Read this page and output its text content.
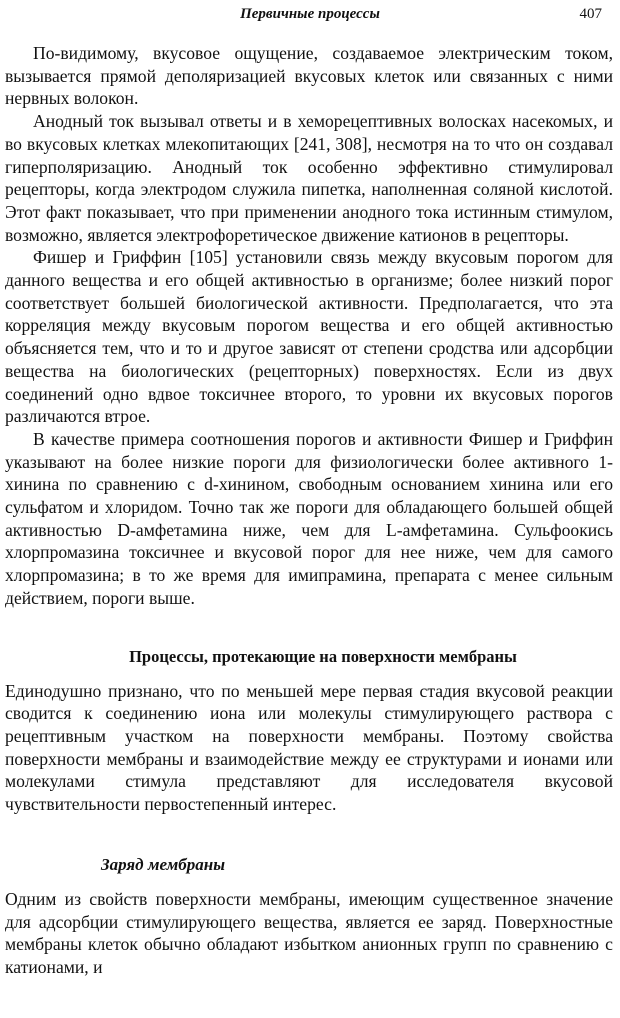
Первичные процессы	407

По-видимому, вкусовое ощущение, создаваемое электрическим током, вызывается прямой деполяризацией вкусовых клеток или связанных с ними нервных волокон.

Анодный ток вызывал ответы и в хеморецептивных волосках насекомых, и во вкусовых клетках млекопитающих [241, 308], несмотря на то что он создавал гиперполяризацию. Анодный ток особенно эффективно стимулировал рецепторы, когда электродом служила пипетка, наполненная соляной кислотой. Этот факт показывает, что при применении анодного тока истинным стимулом, возможно, является электрофоретическое движение катионов в рецепторы.

Фишер и Гриффин [105] установили связь между вкусовым порогом для данного вещества и его общей активностью в организме; более низкий порог соответствует большей биологической активности. Предполагается, что эта корреляция между вкусовым порогом вещества и его общей активностью объясняется тем, что и то и другое зависят от степени сродства или адсорбции вещества на биологических (рецепторных) поверхностях. Если из двух соединений одно вдвое токсичнее второго, то уровни их вкусовых порогов различаются втрое.

В качестве примера соотношения порогов и активности Фишер и Гриффин указывают на более низкие пороги для физиологически более активного 1-хинина по сравнению с d-хинином, свободным основанием хинина или его сульфатом и хлоридом. Точно так же пороги для обладающего большей общей активностью D-амфетамина ниже, чем для L-амфетамина. Сульфоокись хлорпромазина токсичнее и вкусовой порог для нее ниже, чем для самого хлорпромазина; в то же время для имипрамина, препарата с менее сильным действием, пороги выше.

Процессы, протекающие на поверхности мембраны

Единодушно признано, что по меньшей мере первая стадия вкусовой реакции сводится к соединению иона или молекулы стимулирующего раствора с рецептивным участком на поверхности мембраны. Поэтому свойства поверхности мембраны и взаимодействие между ее структурами и ионами или молекулами стимула представляют для исследователя вкусовой чувствительности первостепенный интерес.

Заряд мембраны

Одним из свойств поверхности мембраны, имеющим существенное значение для адсорбции стимулирующего вещества, является ее заряд. Поверхностные мембраны клеток обычно обладают избытком анионных групп по сравнению с катионами, и
